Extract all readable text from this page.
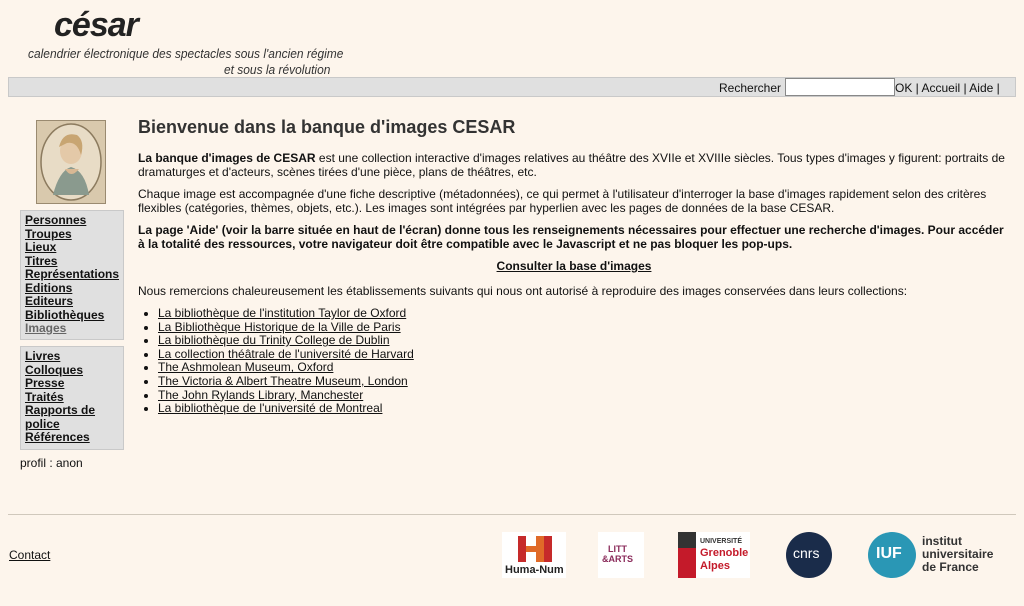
césar
calendrier électronique des spectacles sous l'ancien régime
et sous la révolution
Rechercher	OK | Accueil | Aide |
Personnes
Troupes
Lieux
Titres
Représentations
Editions
Editeurs
Bibliothèques
Images
Livres
Colloques
Presse
Traités
Rapports de police
Références
profil : anon
Bienvenue dans la banque d'images CESAR

La banque d'images de CESAR est une collection interactive d'images relatives au théâtre des XVIIe et XVIIIe siècles. Tous types d'images y figurent: portraits de dramaturges et d'acteurs, scènes tirées d'une pièce, plans de théâtres, etc.

Chaque image est accompagnée d'une fiche descriptive (métadonnées), ce qui permet à l'utilisateur d'interroger la base d'images rapidement selon des critères flexibles (catégories, thèmes, objets, etc.). Les images sont intégrées par hyperlien avec les pages de données de la base CESAR.

La page 'Aide' (voir la barre située en haut de l'écran) donne tous les renseignements nécessaires pour effectuer une recherche d'images. Pour accéder à la totalité des ressources, votre navigateur doit être compatible avec le Javascript et ne pas bloquer les pop-ups.

Consulter la base d'images

Nous remercions chaleureusement les établissements suivants qui nous ont autorisé à reproduire des images conservées dans leurs collections:

• La bibliothèque de l'institution Taylor de Oxford
• La Bibliothèque Historique de la Ville de Paris
• La bibliothèque du Trinity College de Dublin
• La collection théâtrale de l'université de Harvard
• The Ashmolean Museum, Oxford
• The Victoria & Albert Theatre Museum, London
• The John Rylands Library, Manchester
• La bibliothèque de l'université de Montreal
Contact
Huma-Num
LITT
&ARTS
UNIVERSITÉ
Grenoble
Alpes
cnrs	IUF
institut
universitaire
de France
